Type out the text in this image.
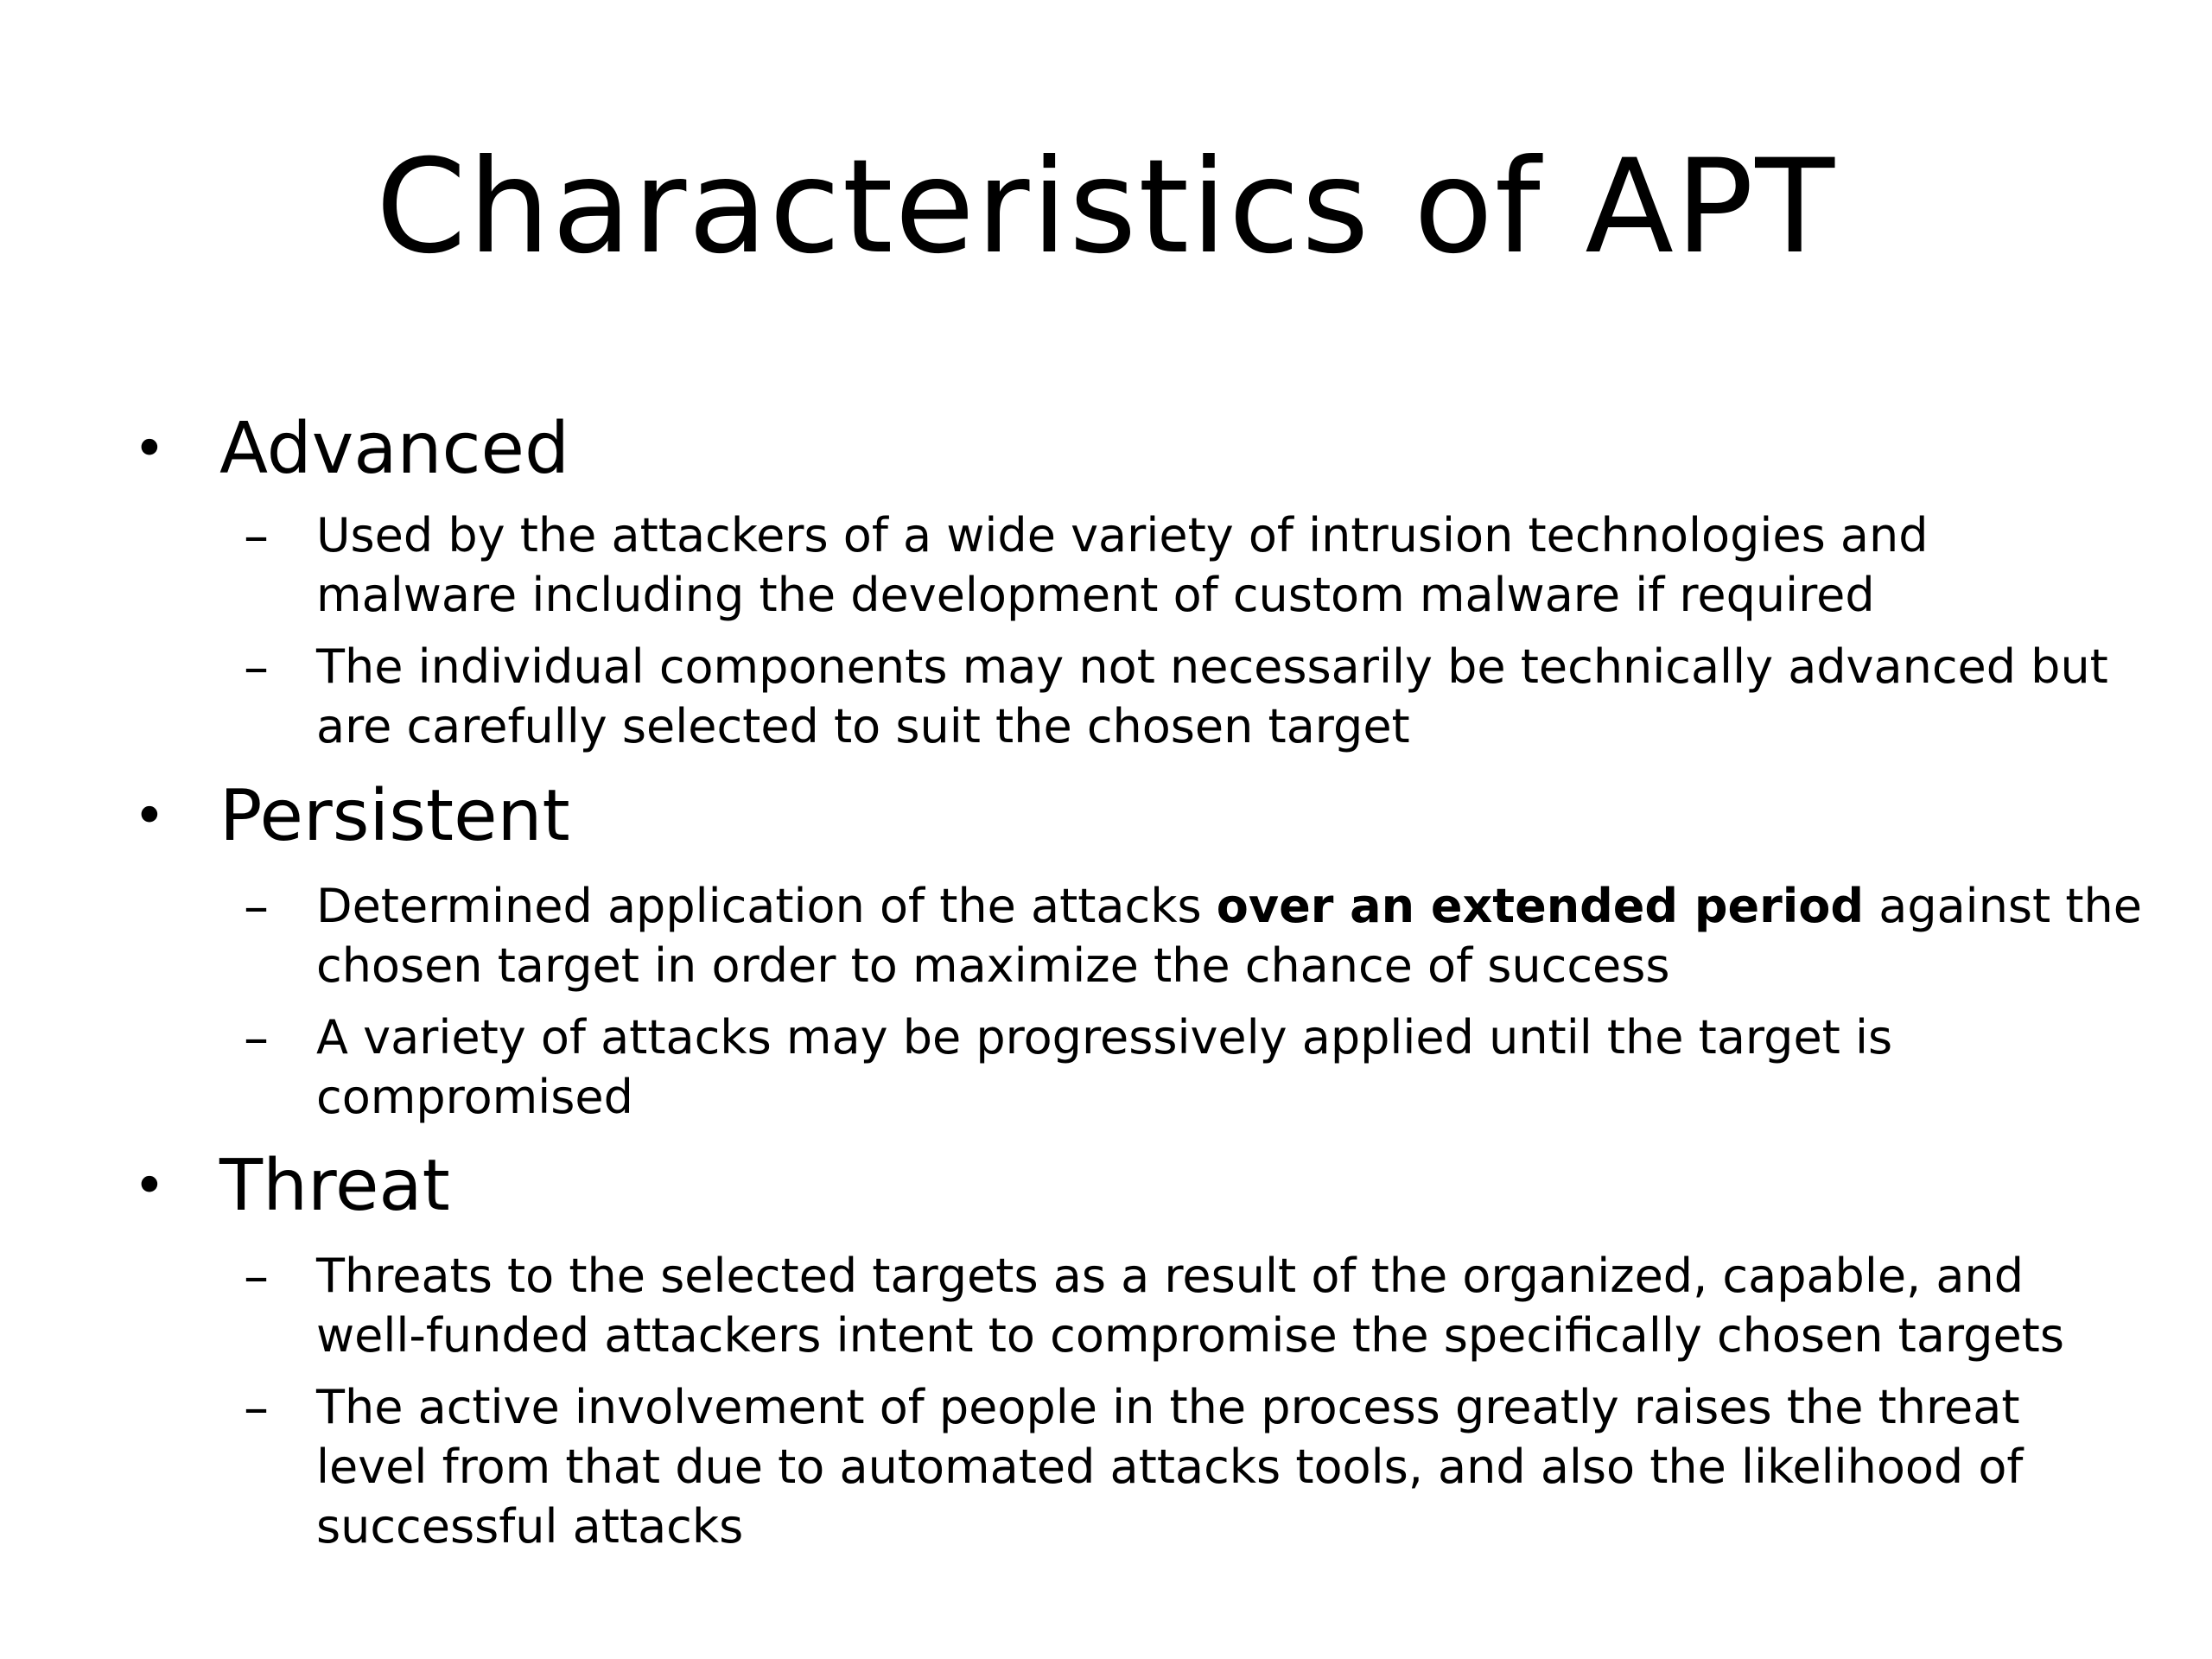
Characteristics of APT
• Advanced
– Used by the attackers of a wide variety of intrusion technologies and
malware including the development of custom malware if required
– The individual components may not necessarily be technically advanced but
are carefully selected to suit the chosen target
• Persistent
– Determined application of the attacks over an extended period against the
chosen target in order to maximize the chance of success
– A variety of attacks may be progressively applied until the target is
compromised
• Threat
– Threats to the selected targets as a result of the organized, capable, and
well-funded attackers intent to compromise the specifically chosen targets
– The active involvement of people in the process greatly raises the threat
level from that due to automated attacks tools, and also the likelihood of
successful attacks
